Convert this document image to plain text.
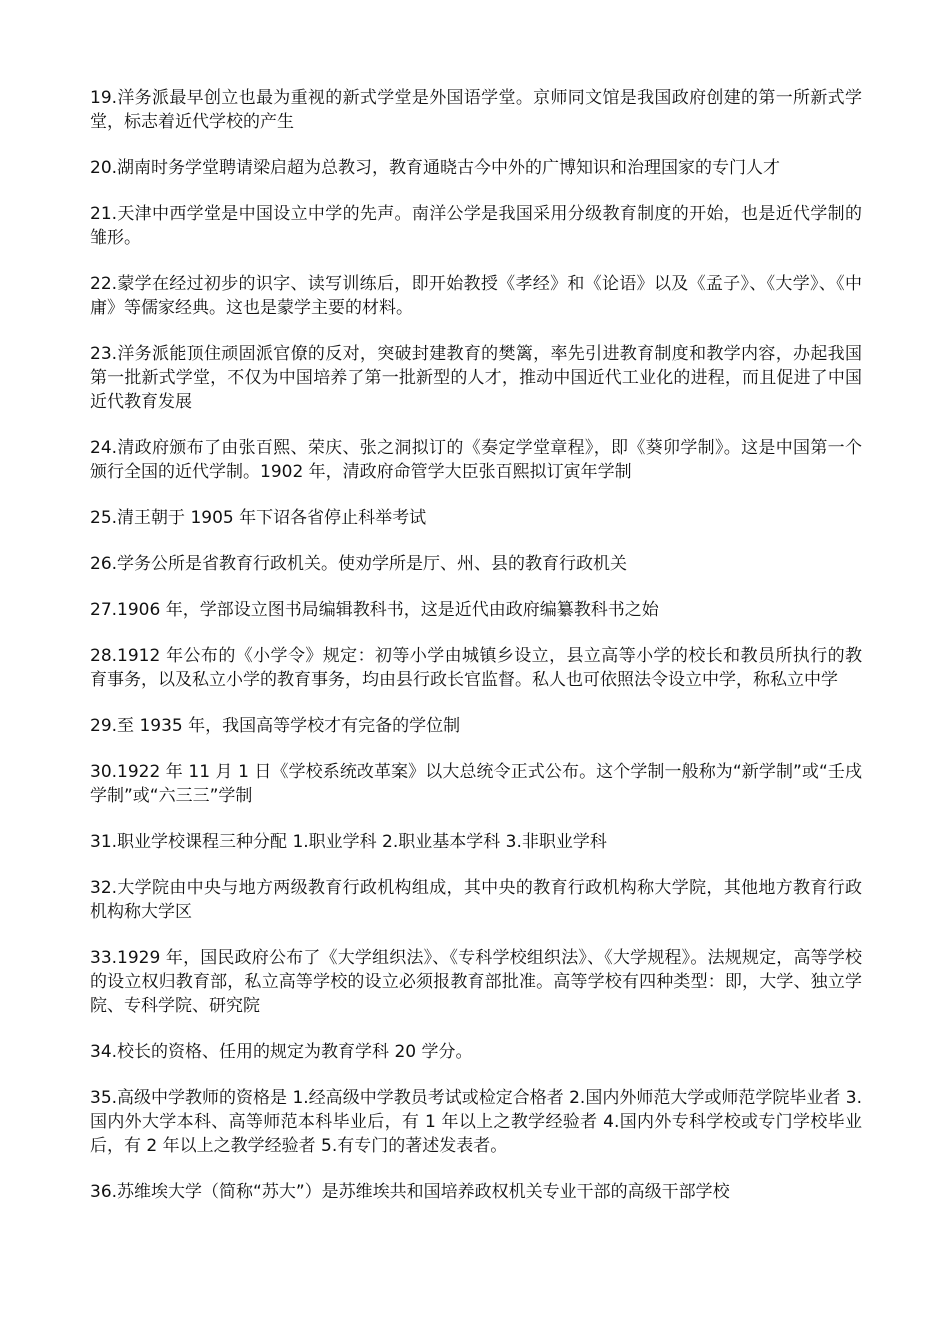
19.洋务派最早创立也最为重视的新式学堂是外国语学堂。京师同文馆是我国政府创建的第一所新式学堂，标志着近代学校的产生

20.湖南时务学堂聘请梁启超为总教习，教育通晓古今中外的广博知识和治理国家的专门人才

21.天津中西学堂是中国设立中学的先声。南洋公学是我国采用分级教育制度的开始，也是近代学制的雏形。

22.蒙学在经过初步的识字、读写训练后，即开始教授《孝经》和《论语》以及《孟子》、《大学》、《中庸》等儒家经典。这也是蒙学主要的材料。

23.洋务派能顶住顽固派官僚的反对，突破封建教育的樊篱，率先引进教育制度和教学内容，办起我国第一批新式学堂，不仅为中国培养了第一批新型的人才，推动中国近代工业化的进程，而且促进了中国近代教育发展

24.清政府颁布了由张百熙、荣庆、张之洞拟订的《奏定学堂章程》，即《葵卯学制》。这是中国第一个颁行全国的近代学制。1902 年，清政府命管学大臣张百熙拟订寅年学制

25.清王朝于 1905 年下诏各省停止科举考试

26.学务公所是省教育行政机关。使劝学所是厅、州、县的教育行政机关

27.1906 年，学部设立图书局编辑教科书，这是近代由政府编纂教科书之始

28.1912 年公布的《小学令》规定：初等小学由城镇乡设立，县立高等小学的校长和教员所执行的教育事务，以及私立小学的教育事务，均由县行政长官监督。私人也可依照法令设立中学，称私立中学

29.至 1935 年，我国高等学校才有完备的学位制

30.1922 年 11 月 1 日《学校系统改革案》以大总统令正式公布。这个学制一般称为“新学制”或“壬戌学制”或“六三三”学制

31.职业学校课程三种分配 1.职业学科 2.职业基本学科 3.非职业学科

32.大学院由中央与地方两级教育行政机构组成，其中央的教育行政机构称大学院，其他地方教育行政机构称大学区

33.1929 年，国民政府公布了《大学组织法》、《专科学校组织法》、《大学规程》。法规规定，高等学校的设立权归教育部，私立高等学校的设立必须报教育部批准。高等学校有四种类型：即，大学、独立学院、专科学院、研究院

34.校长的资格、任用的规定为教育学科 20 学分。

35.高级中学教师的资格是 1.经高级中学教员考试或检定合格者 2.国内外师范大学或师范学院毕业者 3.国内外大学本科、高等师范本科毕业后，有 1 年以上之教学经验者 4.国内外专科学校或专门学校毕业后，有 2 年以上之教学经验者 5.有专门的著述发表者。

36.苏维埃大学（简称“苏大”）是苏维埃共和国培养政权机关专业干部的高级干部学校
